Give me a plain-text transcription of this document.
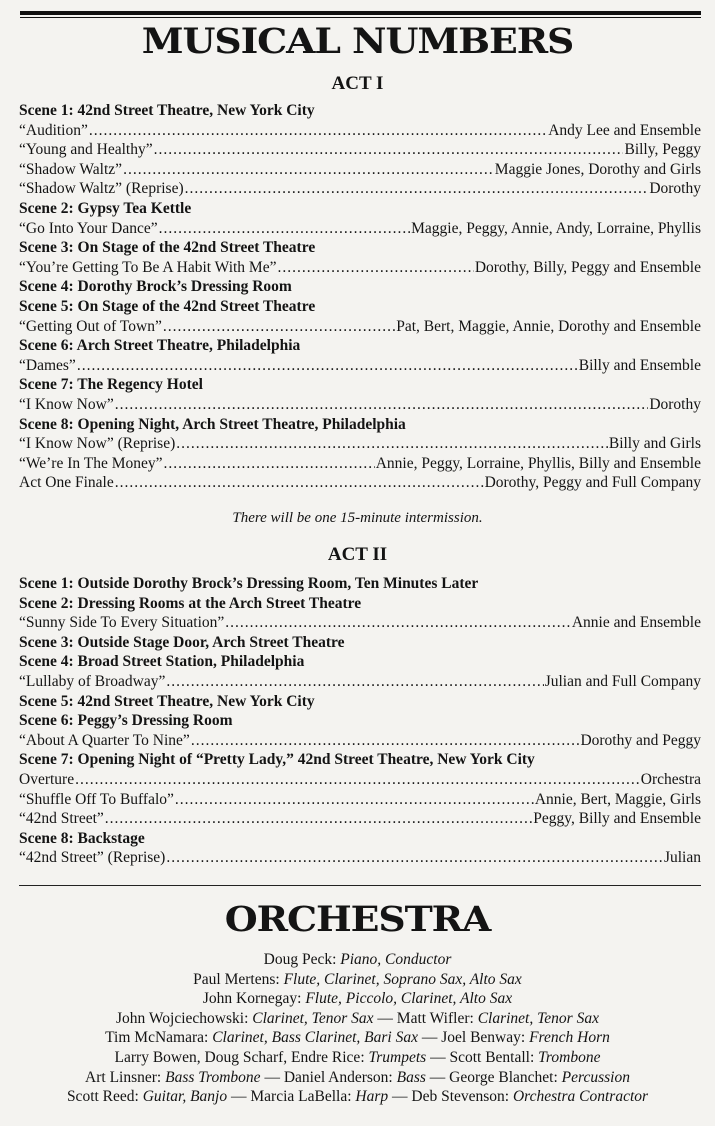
MUSICAL NUMBERS
ACT I
Scene 1: 42nd Street Theatre, New York City
“Audition” .....	Andy Lee and Ensemble
“Young and Healthy” .....	Billy, Peggy
“Shadow Waltz” .....	Maggie Jones, Dorothy and Girls
“Shadow Waltz” (Reprise) .....	Dorothy
Scene 2: Gypsy Tea Kettle
“Go Into Your Dance” .....	Maggie, Peggy, Annie, Andy, Lorraine, Phyllis
Scene 3: On Stage of the 42nd Street Theatre
“You’re Getting To Be A Habit With Me” .....	Dorothy, Billy, Peggy and Ensemble
Scene 4: Dorothy Brock’s Dressing Room
Scene 5: On Stage of the 42nd Street Theatre
“Getting Out of Town” .....	Pat, Bert, Maggie, Annie, Dorothy and Ensemble
Scene 6: Arch Street Theatre, Philadelphia
“Dames” .....	Billy and Ensemble
Scene 7: The Regency Hotel
“I Know Now” .....	Dorothy
Scene 8: Opening Night, Arch Street Theatre, Philadelphia
“I Know Now” (Reprise) .....	Billy and Girls
“We’re In The Money” .....	Annie, Peggy, Lorraine, Phyllis, Billy and Ensemble
Act One Finale .....	Dorothy, Peggy and Full Company
There will be one 15-minute intermission.
ACT II
Scene 1: Outside Dorothy Brock’s Dressing Room, Ten Minutes Later
Scene 2: Dressing Rooms at the Arch Street Theatre
“Sunny Side To Every Situation” .....	Annie and Ensemble
Scene 3: Outside Stage Door, Arch Street Theatre
Scene 4: Broad Street Station, Philadelphia
“Lullaby of Broadway” .....	Julian and Full Company
Scene 5: 42nd Street Theatre, New York City
Scene 6: Peggy’s Dressing Room
“About A Quarter To Nine” .....	Dorothy and Peggy
Scene 7: Opening Night of “Pretty Lady,” 42nd Street Theatre, New York City
Overture .....	Orchestra
“Shuffle Off To Buffalo” .....	Annie, Bert, Maggie, Girls
“42nd Street” .....	Peggy, Billy and Ensemble
Scene 8: Backstage
“42nd Street” (Reprise) .....	Julian
ORCHESTRA
Doug Peck: Piano, Conductor
Paul Mertens: Flute, Clarinet, Soprano Sax, Alto Sax
John Kornegay: Flute, Piccolo, Clarinet, Alto Sax
John Wojciechowski: Clarinet, Tenor Sax — Matt Wifler: Clarinet, Tenor Sax
Tim McNamara: Clarinet, Bass Clarinet, Bari Sax — Joel Benway: French Horn
Larry Bowen, Doug Scharf, Endre Rice: Trumpets — Scott Bentall: Trombone
Art Linsner: Bass Trombone — Daniel Anderson: Bass — George Blanchet: Percussion
Scott Reed: Guitar, Banjo — Marcia LaBella: Harp — Deb Stevenson: Orchestra Contractor
